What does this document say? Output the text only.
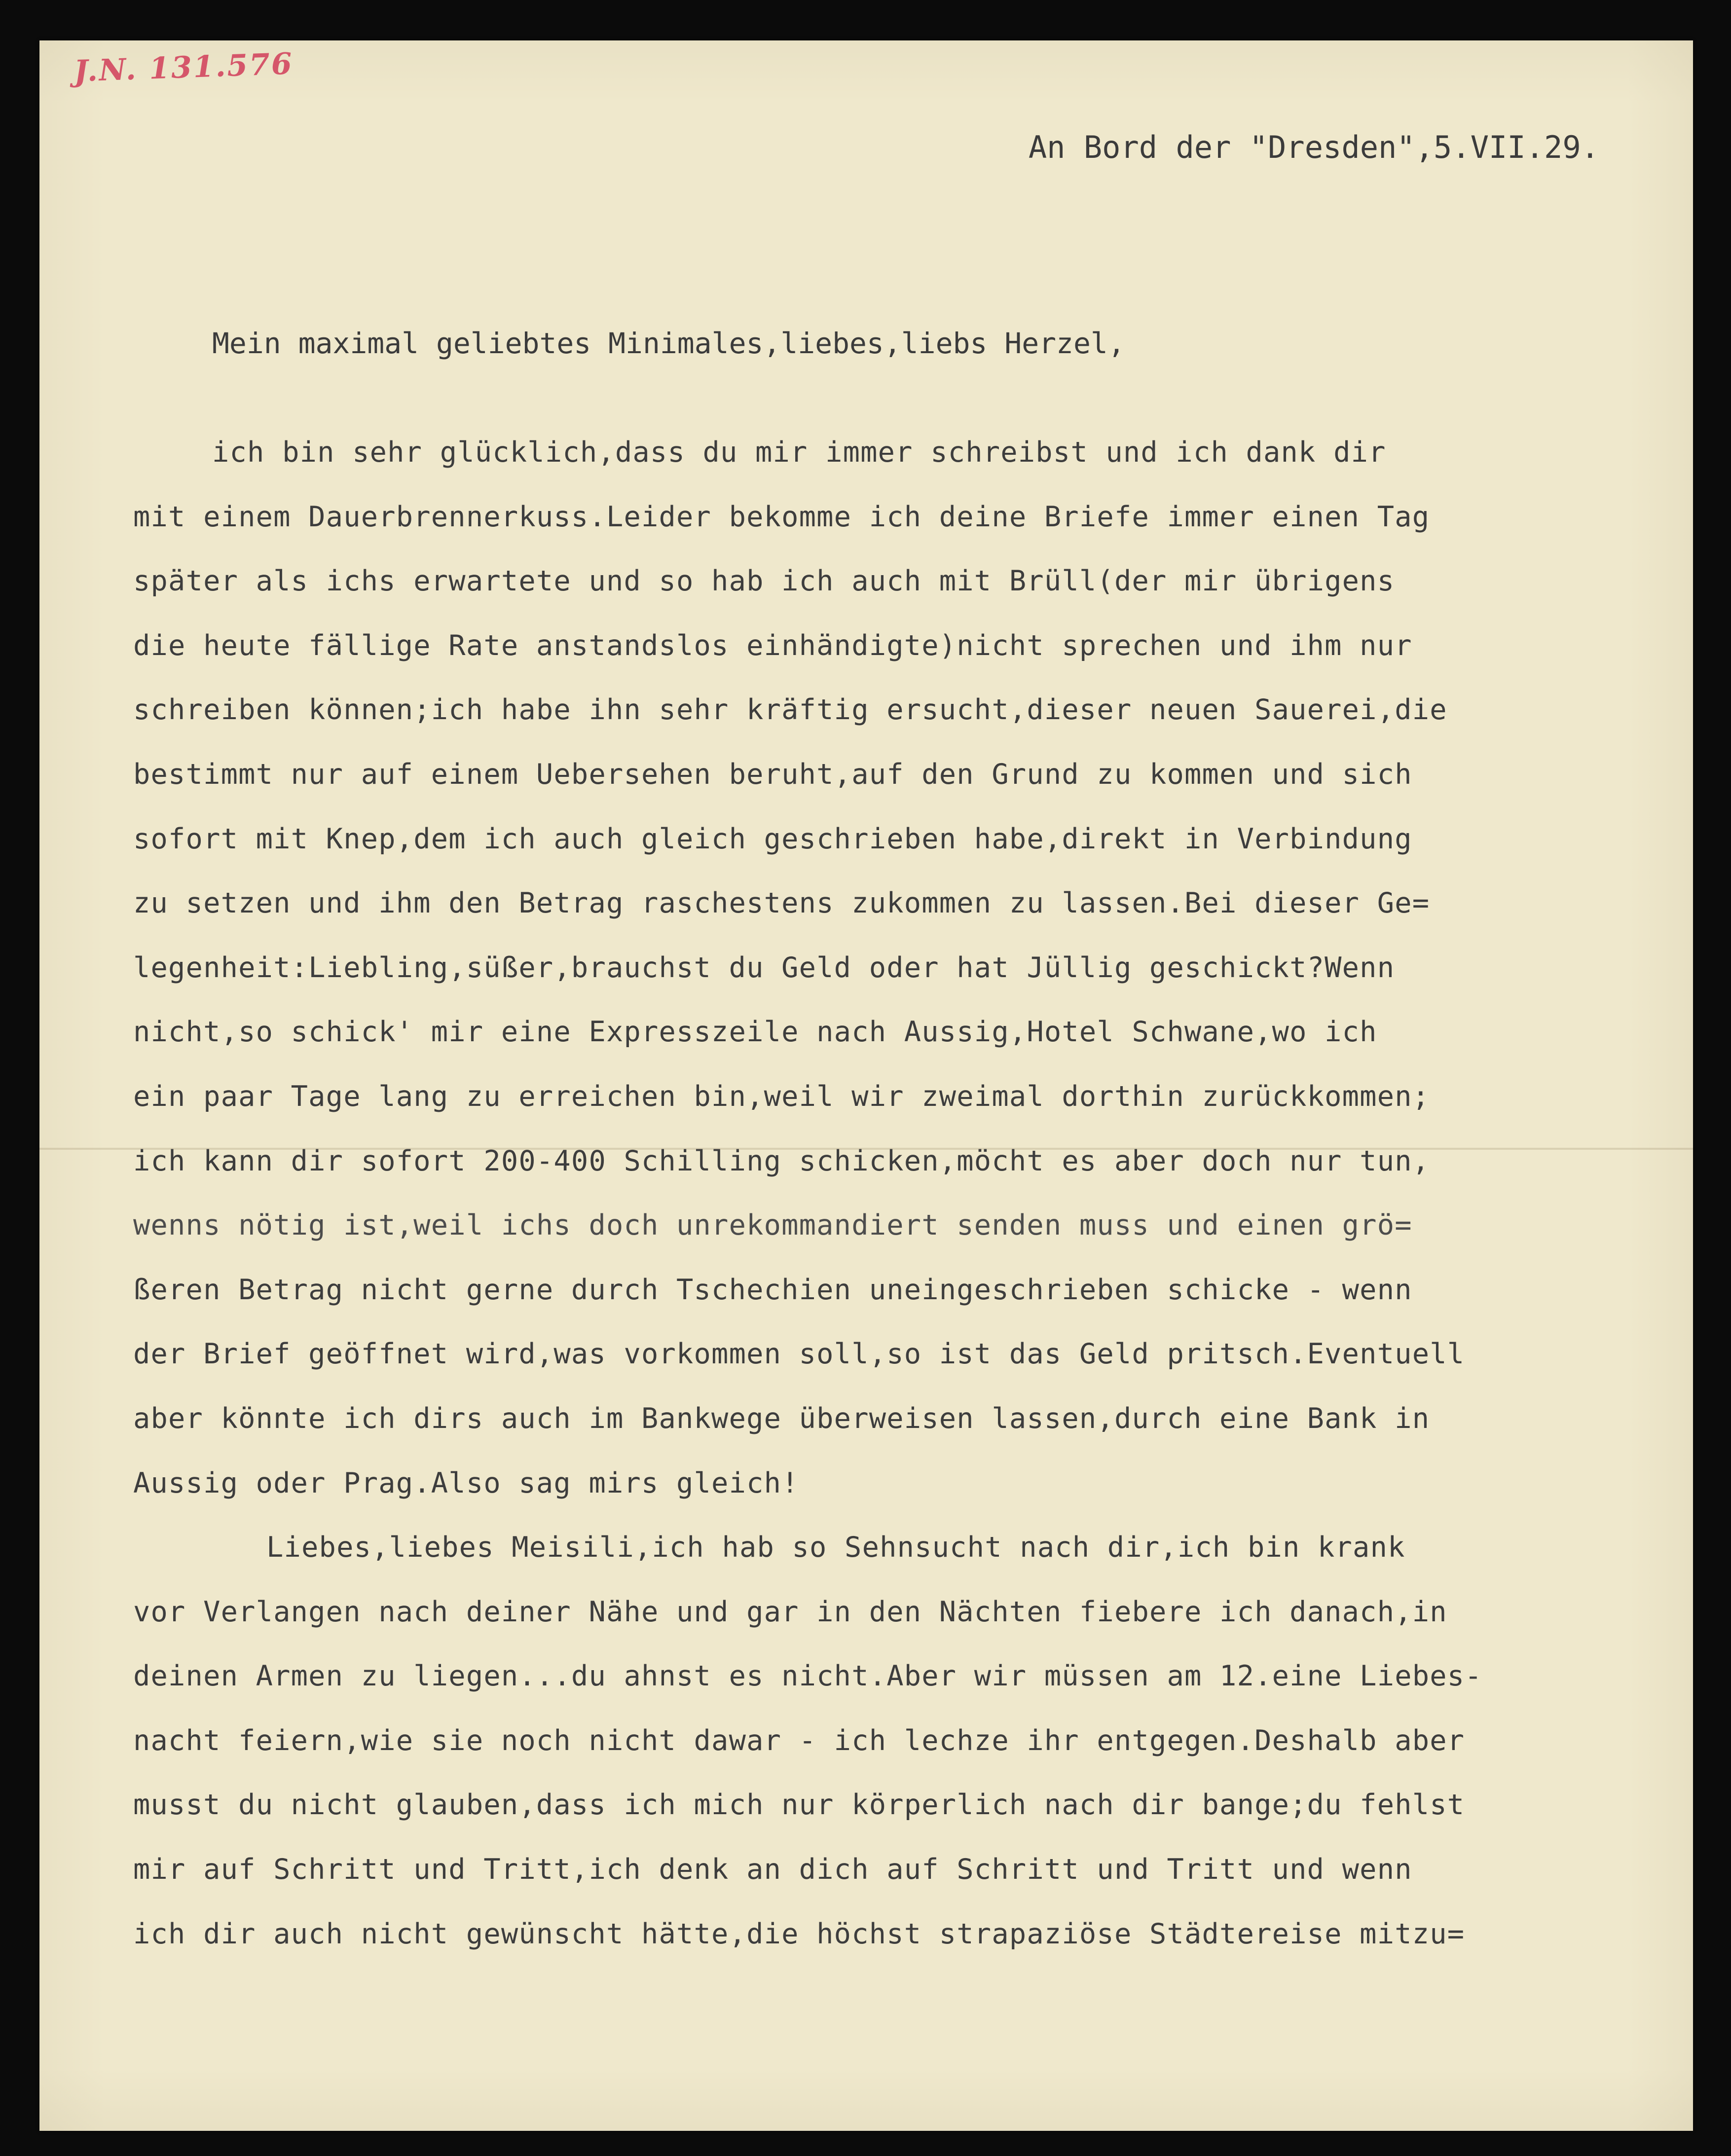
J.N. 131.576

An Bord der "Dresden",5.VII.29.

Mein maximal geliebtes Minimales,liebes,liebs Herzel,

ich bin sehr glücklich,dass du mir immer schreibst und ich dank dir
mit einem Dauerbrennerkuss.Leider bekomme ich deine Briefe immer einen Tag
später als ichs erwartete und so hab ich auch mit Brüll(der mir übrigens
die heute fällige Rate anstandslos einhändigte)nicht sprechen und ihm nur
schreiben können;ich habe ihn sehr kräftig ersucht,dieser neuen Sauerei,die
bestimmt nur auf einem Uebersehen beruht,auf den Grund zu kommen und sich
sofort mit Knep,dem ich auch gleich geschrieben habe,direkt in Verbindung
zu setzen und ihm den Betrag raschestens zukommen zu lassen.Bei dieser Ge=
legenheit:Liebling,süßer,brauchst du Geld oder hat Jüllig geschickt?Wenn
nicht,so schick' mir eine Expresszeile nach Aussig,Hotel Schwane,wo ich
ein paar Tage lang zu erreichen bin,weil wir zweimal dorthin zurückkommen;
ich kann dir sofort 200-400 Schilling schicken,möcht es aber doch nur tun,
wenns nötig ist,weil ichs doch unrekommandiert senden muss und einen grö=
ßeren Betrag nicht gerne durch Tschechien uneingeschrieben schicke - wenn
der Brief geöffnet wird,was vorkommen soll,so ist das Geld pritsch.Eventuell
aber könnte ich dirs auch im Bankwege überweisen lassen,durch eine Bank in
Aussig oder Prag.Also sag mirs gleich!
Liebes,liebes Meisili,ich hab so Sehnsucht nach dir,ich bin krank
vor Verlangen nach deiner Nähe und gar in den Nächten fiebere ich danach,in
deinen Armen zu liegen...du ahnst es nicht.Aber wir müssen am 12.eine Liebes-
nacht feiern,wie sie noch nicht dawar - ich lechze ihr entgegen.Deshalb aber
musst du nicht glauben,dass ich mich nur körperlich nach dir bange;du fehlst
mir auf Schritt und Tritt,ich denk an dich auf Schritt und Tritt und wenn
ich dir auch nicht gewünscht hätte,die höchst strapaziöse Städtereise mitzu=
